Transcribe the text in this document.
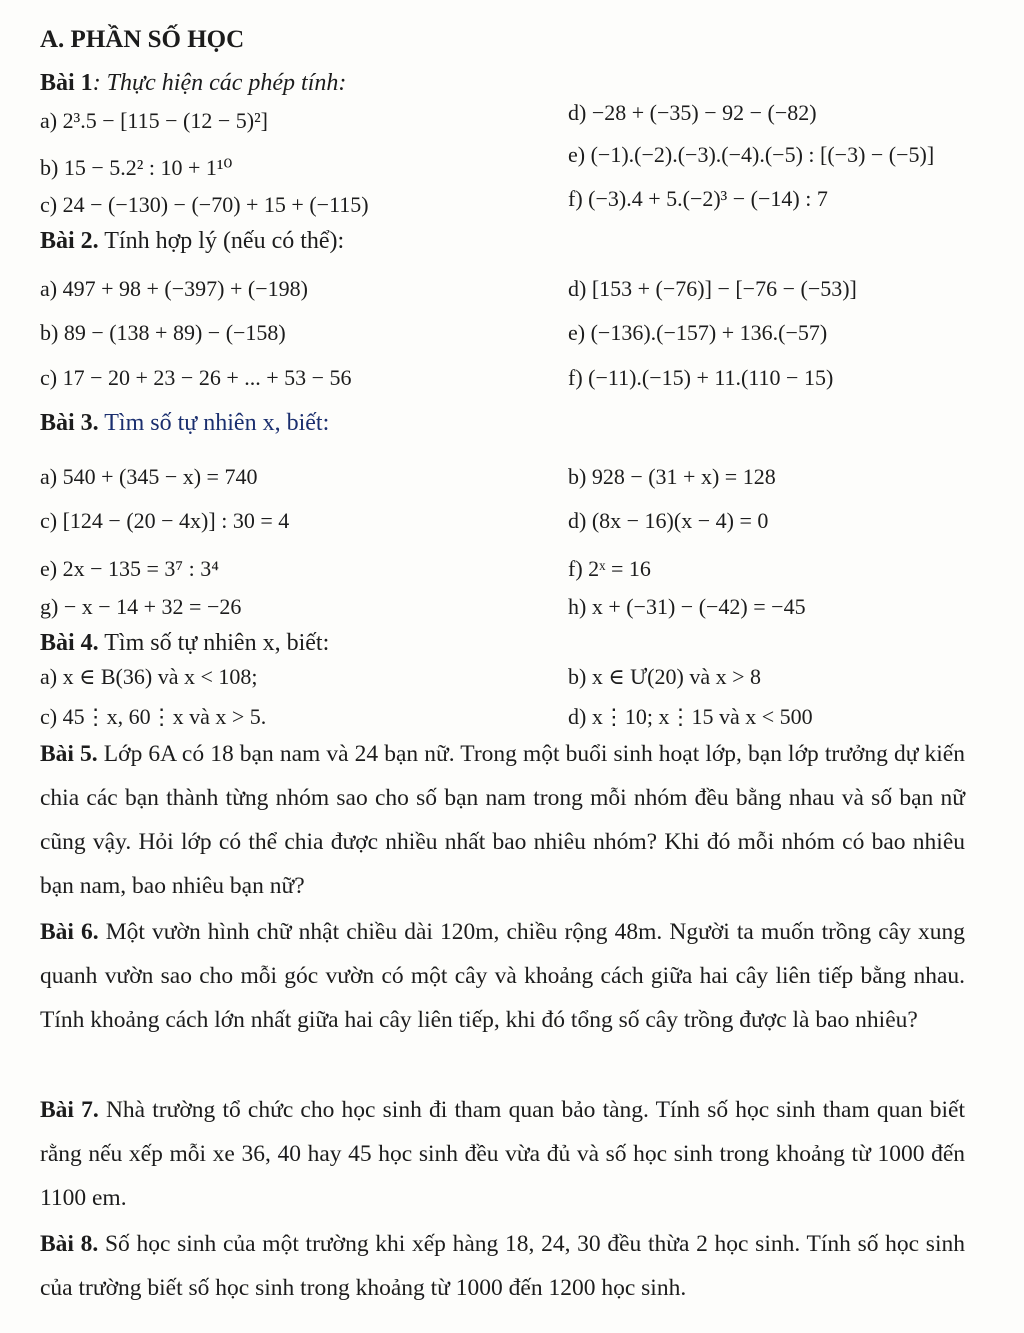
A. PHẦN SỐ HỌC
Bài 1: Thực hiện các phép tính:
a) 2³.5 − [115 − (12 − 5)²]
b) 15 − 5.2² : 10 + 1¹⁰
c) 24 − (−130) − (−70) + 15 + (−115)
d) −28 + (−35) − 92 − (−82)
e) (−1).(−2).(−3).(−4).(−5) : [(−3) − (−5)]
f) (−3).4 + 5.(−2)³ − (−14) : 7
Bài 2. Tính hợp lý (nếu có thể):
a) 497 + 98 + (−397) + (−198)
b) 89 − (138 + 89) − (−158)
c) 17 − 20 + 23 − 26 + ... + 53 − 56
d) [153 + (−76)] − [−76 − (−53)]
e) (−136).(−157) + 136.(−57)
f) (−11).(−15) + 11.(110 − 15)
Bài 3. Tìm số tự nhiên x, biết:
a) 540 + (345 − x) = 740	b) 928 − (31 + x) = 128
c) [124 − (20 − 4x)] : 30 = 4	d) (8x − 16)(x − 4) = 0
e) 2x − 135 = 3⁷ : 3⁴	f) 2ˣ = 16
g) − x − 14 + 32 = −26	h) x + (−31) − (−42) = −45
Bài 4. Tìm số tự nhiên x, biết:
a) x ∈ B(36) và x < 108;	b) x ∈ Ư(20) và x > 8
c) 45⋮x, 60⋮x và x > 5.	d) x⋮10; x⋮15 và x < 500
Bài 5. Lớp 6A có 18 bạn nam và 24 bạn nữ. Trong một buổi sinh hoạt lớp, bạn lớp trưởng dự kiến chia các bạn thành từng nhóm sao cho số bạn nam trong mỗi nhóm đều bằng nhau và số bạn nữ cũng vậy. Hỏi lớp có thể chia được nhiều nhất bao nhiêu nhóm? Khi đó mỗi nhóm có bao nhiêu bạn nam, bao nhiêu bạn nữ?
Bài 6. Một vườn hình chữ nhật chiều dài 120m, chiều rộng 48m. Người ta muốn trồng cây xung quanh vườn sao cho mỗi góc vườn có một cây và khoảng cách giữa hai cây liên tiếp bằng nhau. Tính khoảng cách lớn nhất giữa hai cây liên tiếp, khi đó tổng số cây trồng được là bao nhiêu?
Bài 7. Nhà trường tổ chức cho học sinh đi tham quan bảo tàng. Tính số học sinh tham quan biết rằng nếu xếp mỗi xe 36, 40 hay 45 học sinh đều vừa đủ và số học sinh trong khoảng từ 1000 đến 1100 em.
Bài 8. Số học sinh của một trường khi xếp hàng 18, 24, 30 đều thừa 2 học sinh. Tính số học sinh của trường biết số học sinh trong khoảng từ 1000 đến 1200 học sinh.
